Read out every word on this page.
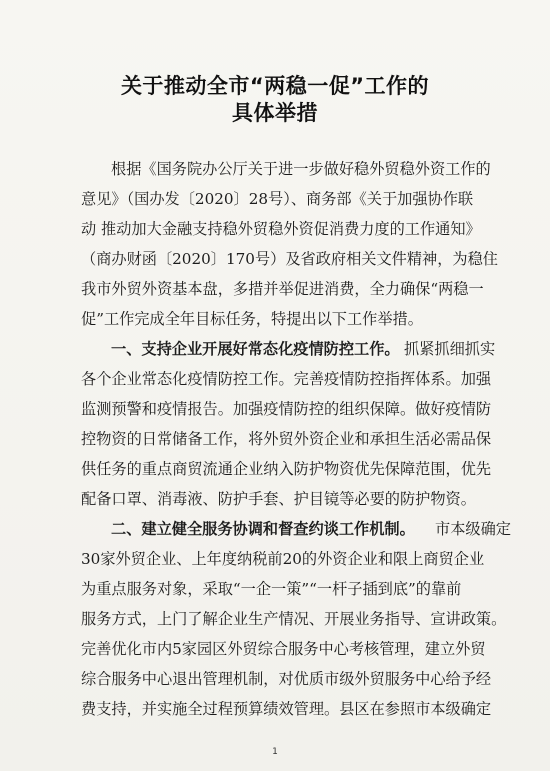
关于推动全市“两稳一促”工作的
具体举措
根据《国务院办公厅关于进一步做好稳外贸稳外资工作的
意见》（国办发〔2020〕28号）、商务部《关于加强协作联
动 推动加大金融支持稳外贸稳外资促消费力度的工作通知》
（商办财函〔2020〕170号）及省政府相关文件精神，为稳住
我市外贸外资基本盘，多措并举促进消费，全力确保“两稳一
促”工作完成全年目标任务，特提出以下工作举措。
一、支持企业开展好常态化疫情防控工作。 抓紧抓细抓实
各个企业常态化疫情防控工作。完善疫情防控指挥体系。加强
监测预警和疫情报告。加强疫情防控的组织保障。做好疫情防
控物资的日常储备工作，将外贸外资企业和承担生活必需品保
供任务的重点商贸流通企业纳入防护物资优先保障范围，优先
配备口罩、消毒液、防护手套、护目镜等必要的防护物资。
二、建立健全服务协调和督查约谈工作机制。 市本级确定
30家外贸企业、上年度纳税前20的外资企业和限上商贸企业
为重点服务对象，采取“一企一策”“一杆子插到底”的靠前
服务方式，上门了解企业生产情况、开展业务指导、宣讲政策。
完善优化市内5家园区外贸综合服务中心考核管理，建立外贸
综合服务中心退出管理机制，对优质市级外贸服务中心给予经
费支持，并实施全过程预算绩效管理。县区在参照市本级确定
1
